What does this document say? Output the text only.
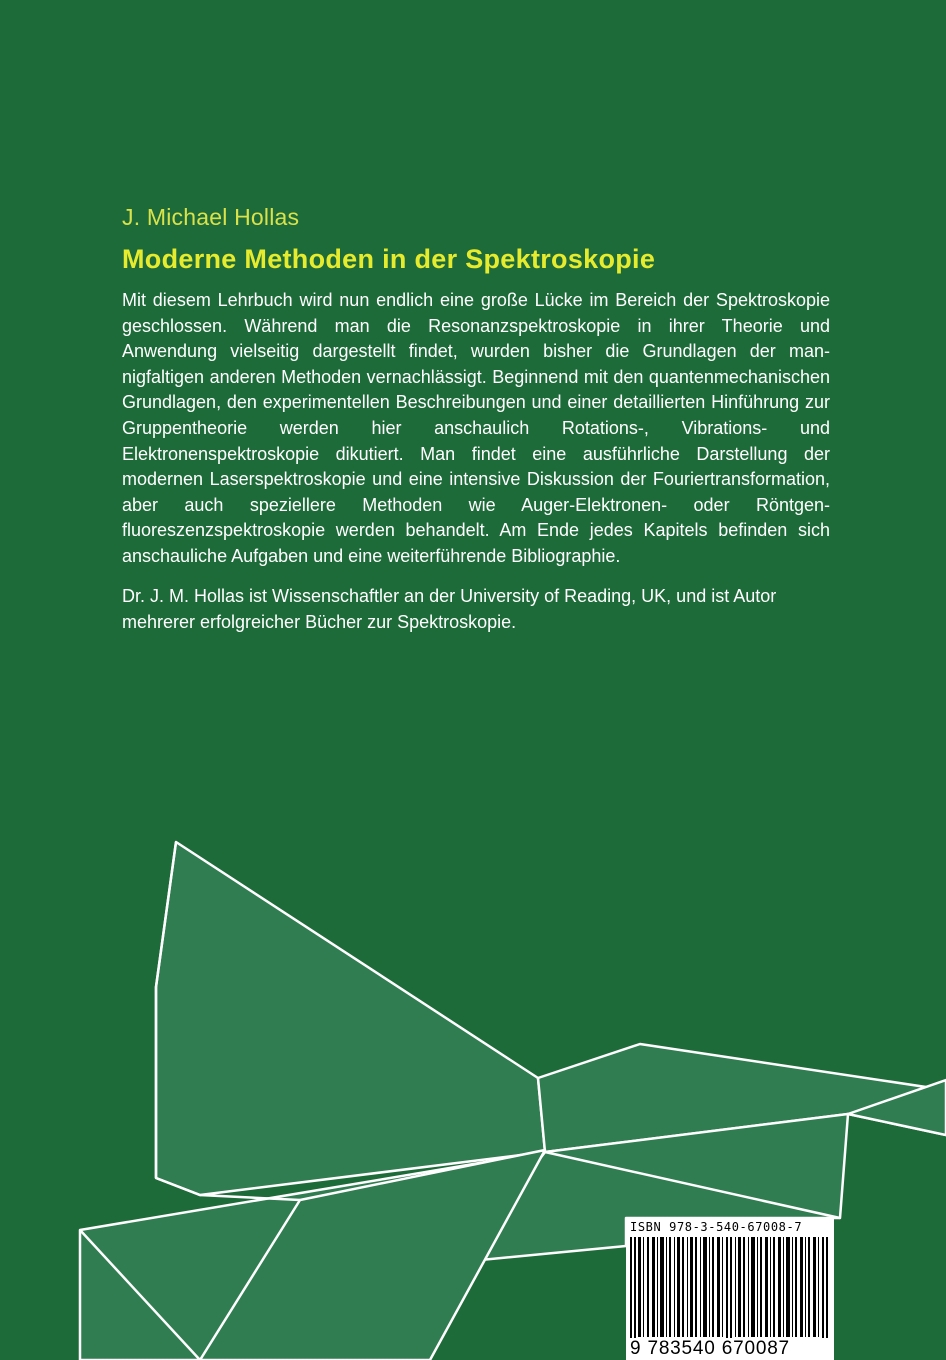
J. Michael Hollas
Moderne Methoden in der Spektroskopie
Mit diesem Lehrbuch wird nun endlich eine große Lücke im Bereich der Spektroskopie geschlossen. Während man die Resonanzspektroskopie in ihrer Theorie und Anwendung vielseitig dargestellt findet, wurden bisher die Grundlagen der mannigfaltigen anderen Methoden vernachlässigt. Beginnend mit den quantenmechanischen Grundlagen, den experimentellen Beschreibungen und einer detaillierten Hinführung zur Gruppentheorie werden hier anschaulich Rotations-, Vibrations- und Elektronenspektroskopie dikutiert. Man findet eine ausführliche Darstellung der modernen Laserspektroskopie und eine intensive Diskussion der Fouriertransformation, aber auch speziellere Methoden wie Auger-Elektronen- oder Röntgenfluoreszenzspektroskopie werden behandelt. Am Ende jedes Kapitels befinden sich anschauliche Aufgaben und eine weiterführende Bibliographie.
Dr. J. M. Hollas ist Wissenschaftler an der University of Reading, UK, und ist Autor mehrerer erfolgreicher Bücher zur Spektroskopie.
ISBN 978-3-540-67008-7
9 783540 670087
